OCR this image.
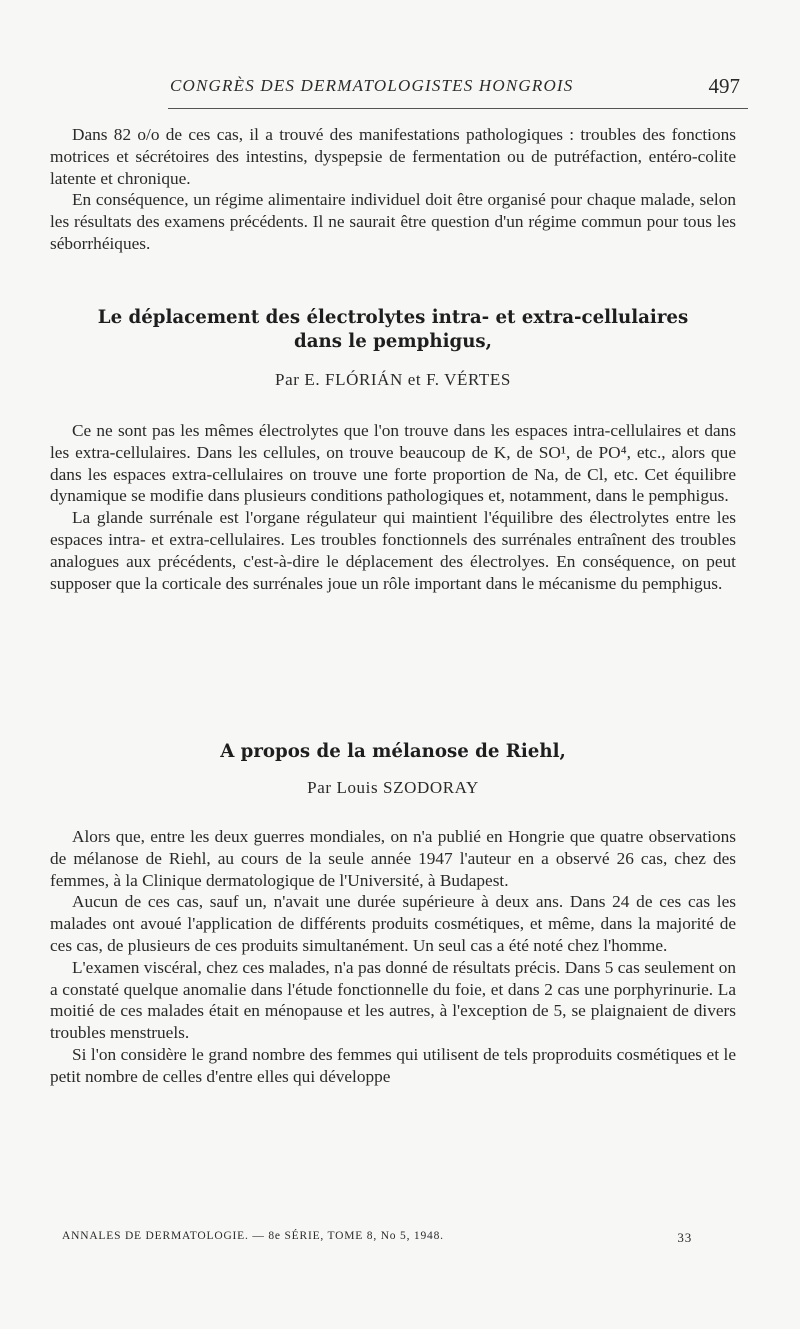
CONGRÈS DES DERMATOLOGISTES HONGROIS	497

Dans 82 o/o de ces cas, il a trouvé des manifestations pathologiques : troubles des fonctions motrices et sécrétoires des intestins, dyspepsie de fermentation ou de putréfaction, entéro-colite latente et chronique.

En conséquence, un régime alimentaire individuel doit être organisé pour chaque malade, selon les résultats des examens précédents. Il ne saurait être question d'un régime commun pour tous les séborrhéiques.

Le déplacement des électrolytes intra- et extra-cellulaires
dans le pemphigus,
Par E. FLÓRIÁN et F. VÉRTES

Ce ne sont pas les mêmes électrolytes que l'on trouve dans les espaces intra-cellulaires et dans les extra-cellulaires. Dans les cellules, on trouve beaucoup de K, de SO¹, de PO⁴, etc., alors que dans les espaces extra-cellulaires on trouve une forte proportion de Na, de Cl, etc. Cet équilibre dynamique se modifie dans plusieurs conditions pathologiques et, notamment, dans le pemphigus.

La glande surrénale est l'organe régulateur qui maintient l'équilibre des électrolytes entre les espaces intra- et extra-cellulaires. Les troubles fonctionnels des surrénales entraînent des troubles analogues aux précédents, c'est-à-dire le déplacement des électrolyes. En conséquence, on peut supposer que la corticale des surrénales joue un rôle important dans le mécanisme du pemphigus.

A propos de la mélanose de Riehl,
Par Louis SZODORAY

Alors que, entre les deux guerres mondiales, on n'a publié en Hongrie que quatre observations de mélanose de Riehl, au cours de la seule année 1947 l'auteur en a observé 26 cas, chez des femmes, à la Clinique dermatologique de l'Université, à Budapest.

Aucun de ces cas, sauf un, n'avait une durée supérieure à deux ans. Dans 24 de ces cas les malades ont avoué l'application de différents produits cosmétiques, et même, dans la majorité de ces cas, de plusieurs de ces produits simultanément. Un seul cas a été noté chez l'homme.

L'examen viscéral, chez ces malades, n'a pas donné de résultats précis. Dans 5 cas seulement on a constaté quelque anomalie dans l'étude fonctionnelle du foie, et dans 2 cas une porphyrinurie. La moitié de ces malades était en ménopause et les autres, à l'exception de 5, se plaignaient de divers troubles menstruels.

Si l'on considère le grand nombre des femmes qui utilisent de tels proproduits cosmétiques et le petit nombre de celles d'entre elles qui développe

ANNALES DE DERMATOLOGIE. — 8e SÉRIE, TOME 8, No 5, 1948.	33
